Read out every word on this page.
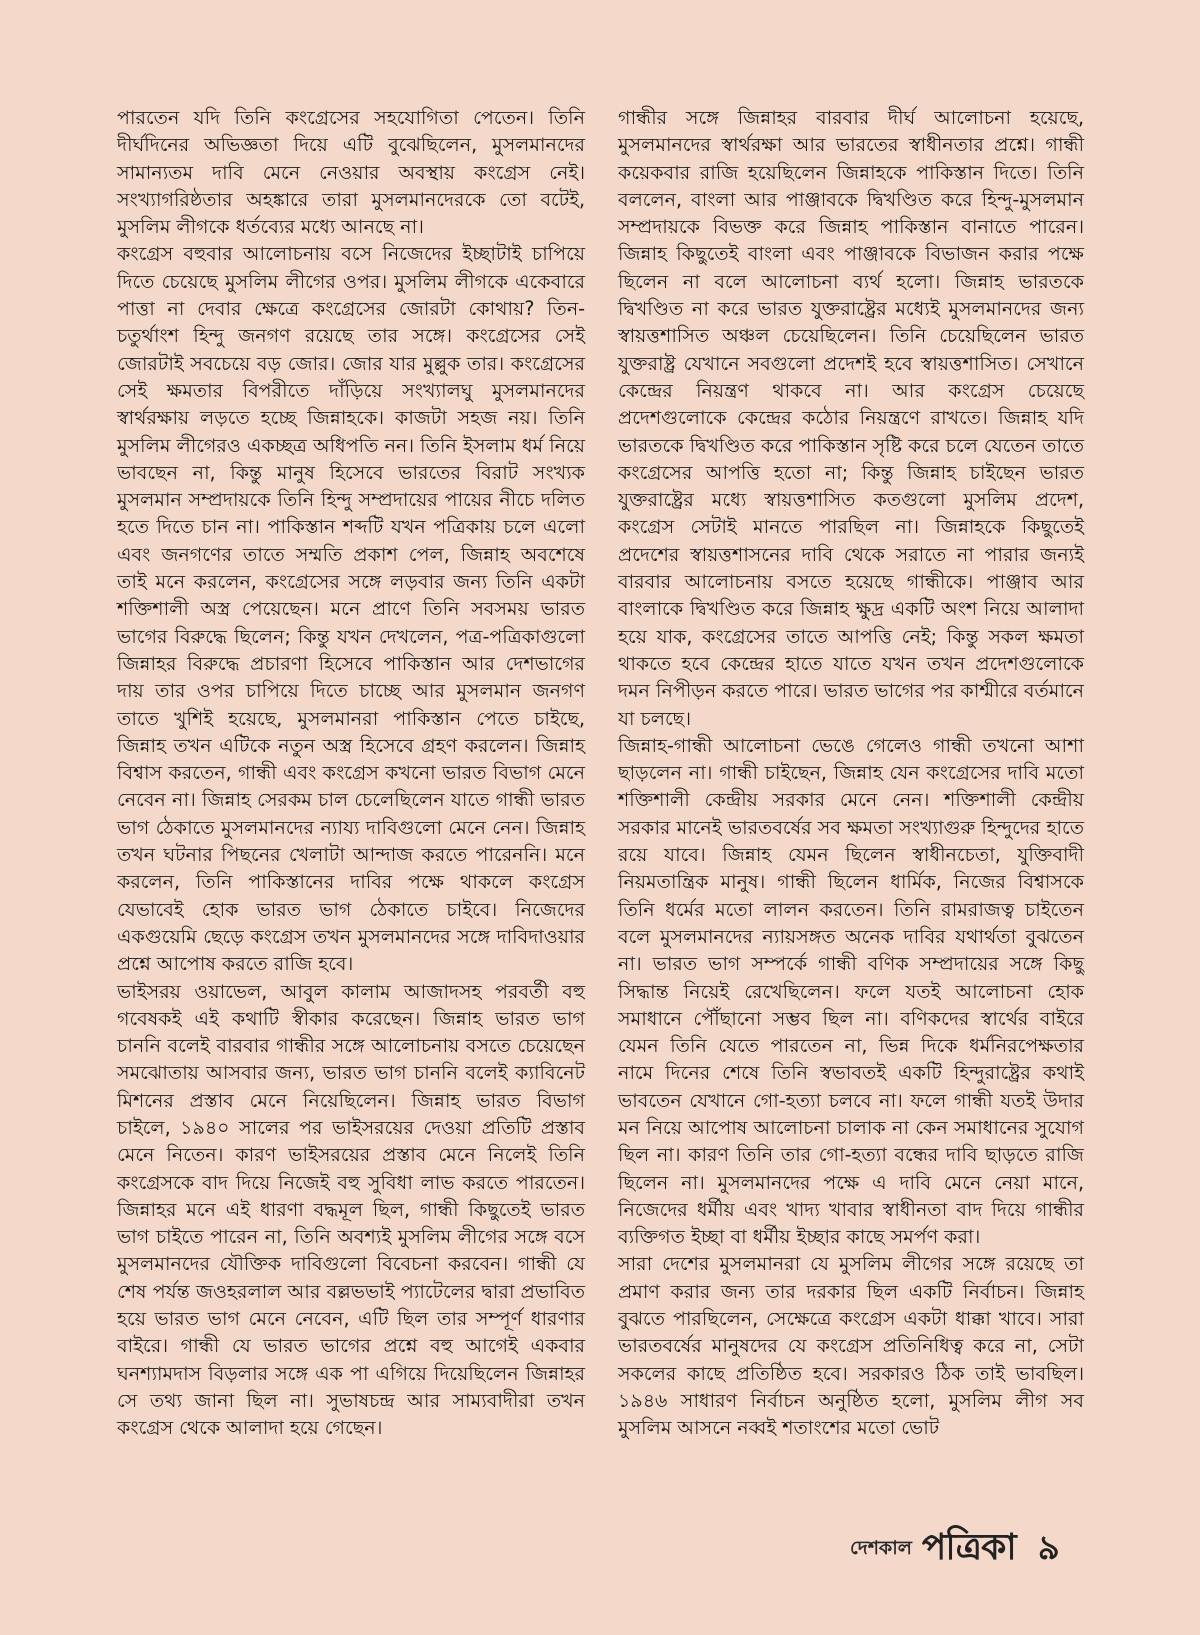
পারতেন যদি তিনি কংগ্রেসের সহযোগিতা পেতেন। তিনি দীর্ঘদিনের অভিজ্ঞতা দিয়ে এটি বুঝেছিলেন, মুসলমানদের সামান্যতম দাবি মেনে নেওয়ার অবস্থায় কংগ্রেস নেই। সংখ্যাগরিষ্ঠতার অহঙ্কারে তারা মুসলমানদেরকে তো বটেই, মুসলিম লীগকে ধর্তব্যের মধ্যে আনছে না।

কংগ্রেস বহুবার আলোচনায় বসে নিজেদের ইচ্ছাটাই চাপিয়ে দিতে চেয়েছে মুসলিম লীগের ওপর। মুসলিম লীগকে একেবারে পাত্তা না দেবার ক্ষেত্রে কংগ্রেসের জোরটা কোথায়? তিন-চতুর্থাংশ হিন্দু জনগণ রয়েছে তার সঙ্গে। কংগ্রেসের সেই জোরটাই সবচেয়ে বড় জোর। জোর যার মুল্লুক তার। কংগ্রেসের সেই ক্ষমতার বিপরীতে দাঁড়িয়ে সংখ্যালঘু মুসলমানদের স্বার্থরক্ষায় লড়তে হচ্ছে জিন্নাহকে। কাজটা সহজ নয়। তিনি মুসলিম লীগেরও একচ্ছত্র অধিপতি নন। তিনি ইসলাম ধর্ম নিয়ে ভাবছেন না, কিন্তু মানুষ হিসেবে ভারতের বিরাট সংখ্যক মুসলমান সম্প্রদায়কে তিনি হিন্দু সম্প্রদায়ের পায়ের নীচে দলিত হতে দিতে চান না। পাকিস্তান শব্দটি যখন পত্রিকায় চলে এলো এবং জনগণের তাতে সম্মতি প্রকাশ পেল, জিন্নাহ অবশেষে তাই মনে করলেন, কংগ্রেসের সঙ্গে লড়বার জন্য তিনি একটা শক্তিশালী অস্ত্র পেয়েছেন। মনে প্রাণে তিনি সবসময় ভারত ভাগের বিরুদ্ধে ছিলেন; কিন্তু যখন দেখলেন, পত্র-পত্রিকাগুলো জিন্নাহর বিরুদ্ধে প্রচারণা হিসেবে পাকিস্তান আর দেশভাগের দায় তার ওপর চাপিয়ে দিতে চাচ্ছে আর মুসলমান জনগণ তাতে খুশিই হয়েছে, মুসলমানরা পাকিস্তান পেতে চাইছে, জিন্নাহ তখন এটিকে নতুন অস্ত্র হিসেবে গ্রহণ করলেন। জিন্নাহ বিশ্বাস করতেন, গান্ধী এবং কংগ্রেস কখনো ভারত বিভাগ মেনে নেবেন না। জিন্নাহ সেরকম চাল চেলেছিলেন যাতে গান্ধী ভারত ভাগ ঠেকাতে মুসলমানদের ন্যায্য দাবিগুলো মেনে নেন। জিন্নাহ তখন ঘটনার পিছনের খেলাটা আন্দাজ করতে পারেননি। মনে করলেন, তিনি পাকিস্তানের দাবির পক্ষে থাকলে কংগ্রেস যেভাবেই হোক ভারত ভাগ ঠেকাতে চাইবে। নিজেদের একগুয়েমি ছেড়ে কংগ্রেস তখন মুসলমানদের সঙ্গে দাবিদাওয়ার প্রশ্নে আপোষ করতে রাজি হবে।

ভাইসরয় ওয়াভেল, আবুল কালাম আজাদসহ পরবর্তী বহু গবেষকই এই কথাটি স্বীকার করেছেন। জিন্নাহ ভারত ভাগ চাননি বলেই বারবার গান্ধীর সঙ্গে আলোচনায় বসতে চেয়েছেন সমঝোতায় আসবার জন্য, ভারত ভাগ চাননি বলেই ক্যাবিনেট মিশনের প্রস্তাব মেনে নিয়েছিলেন। জিন্নাহ ভারত বিভাগ চাইলে, ১৯৪০ সালের পর ভাইসরয়ের দেওয়া প্রতিটি প্রস্তাব মেনে নিতেন। কারণ ভাইসরয়ের প্রস্তাব মেনে নিলেই তিনি কংগ্রেসকে বাদ দিয়ে নিজেই বহু সুবিধা লাভ করতে পারতেন। জিন্নাহর মনে এই ধারণা বদ্ধমূল ছিল, গান্ধী কিছুতেই ভারত ভাগ চাইতে পারেন না, তিনি অবশ্যই মুসলিম লীগের সঙ্গে বসে মুসলমানদের যৌক্তিক দাবিগুলো বিবেচনা করবেন। গান্ধী যে শেষ পর্যন্ত জওহরলাল আর বল্লভভাই প্যাটেলের দ্বারা প্রভাবিত হয়ে ভারত ভাগ মেনে নেবেন, এটি ছিল তার সম্পূর্ণ ধারণার বাইরে। গান্ধী যে ভারত ভাগের প্রশ্নে বহু আগেই একবার ঘনশ্যামদাস বিড়লার সঙ্গে এক পা এগিয়ে দিয়েছিলেন জিন্নাহর সে তথ্য জানা ছিল না। সুভাষচন্দ্র আর সাম্যবাদীরা তখন কংগ্রেস থেকে আলাদা হয়ে গেছেন।

গান্ধীর সঙ্গে জিন্নাহর বারবার দীর্ঘ আলোচনা হয়েছে, মুসলমানদের স্বার্থরক্ষা আর ভারতের স্বাধীনতার প্রশ্নে। গান্ধী কয়েকবার রাজি হয়েছিলেন জিন্নাহকে পাকিস্তান দিতে। তিনি বললেন, বাংলা আর পাঞ্জাবকে দ্বিখণ্ডিত করে হিন্দু-মুসলমান সম্প্রদায়কে বিভক্ত করে জিন্নাহ পাকিস্তান বানাতে পারেন। জিন্নাহ কিছুতেই বাংলা এবং পাঞ্জাবকে বিভাজন করার পক্ষে ছিলেন না বলে আলোচনা ব্যর্থ হলো। জিন্নাহ ভারতকে দ্বিখণ্ডিত না করে ভারত যুক্তরাষ্ট্রের মধ্যেই মুসলমানদের জন্য স্বায়ত্তশাসিত অঞ্চল চেয়েছিলেন। তিনি চেয়েছিলেন ভারত যুক্তরাষ্ট্র যেখানে সবগুলো প্রদেশই হবে স্বায়ত্তশাসিত। সেখানে কেন্দ্রের নিয়ন্ত্রণ থাকবে না। আর কংগ্রেস চেয়েছে প্রদেশগুলোকে কেন্দ্রের কঠোর নিয়ন্ত্রণে রাখতে। জিন্নাহ যদি ভারতকে দ্বিখণ্ডিত করে পাকিস্তান সৃষ্টি করে চলে যেতেন তাতে কংগ্রেসের আপত্তি হতো না; কিন্তু জিন্নাহ চাইছেন ভারত যুক্তরাষ্ট্রের মধ্যে স্বায়ত্তশাসিত কতগুলো মুসলিম প্রদেশ, কংগ্রেস সেটাই মানতে পারছিল না। জিন্নাহকে কিছুতেই প্রদেশের স্বায়ত্তশাসনের দাবি থেকে সরাতে না পারার জন্যই বারবার আলোচনায় বসতে হয়েছে গান্ধীকে। পাঞ্জাব আর বাংলাকে দ্বিখণ্ডিত করে জিন্নাহ ক্ষুদ্র একটি অংশ নিয়ে আলাদা হয়ে যাক, কংগ্রেসের তাতে আপত্তি নেই; কিন্তু সকল ক্ষমতা থাকতে হবে কেন্দ্রের হাতে যাতে যখন তখন প্রদেশগুলোকে দমন নিপীড়ন করতে পারে। ভারত ভাগের পর কাশ্মীরে বর্তমানে যা চলছে।

জিন্নাহ-গান্ধী আলোচনা ভেঙে গেলেও গান্ধী তখনো আশা ছাড়লেন না। গান্ধী চাইছেন, জিন্নাহ যেন কংগ্রেসের দাবি মতো শক্তিশালী কেন্দ্রীয় সরকার মেনে নেন। শক্তিশালী কেন্দ্রীয় সরকার মানেই ভারতবর্ষের সব ক্ষমতা সংখ্যাগুরু হিন্দুদের হাতে রয়ে যাবে। জিন্নাহ যেমন ছিলেন স্বাধীনচেতা, যুক্তিবাদী নিয়মতান্ত্রিক মানুষ। গান্ধী ছিলেন ধার্মিক, নিজের বিশ্বাসকে তিনি ধর্মের মতো লালন করতেন। তিনি রামরাজত্ব চাইতেন বলে মুসলমানদের ন্যায়সঙ্গত অনেক দাবির যথার্থতা বুঝতেন না। ভারত ভাগ সম্পর্কে গান্ধী বণিক সম্প্রদায়ের সঙ্গে কিছু সিদ্ধান্ত নিয়েই রেখেছিলেন। ফলে যতই আলোচনা হোক সমাধানে পৌঁছানো সম্ভব ছিল না। বণিকদের স্বার্থের বাইরে যেমন তিনি যেতে পারতেন না, ভিন্ন দিকে ধর্মনিরপেক্ষতার নামে দিনের শেষে তিনি স্বভাবতই একটি হিন্দুরাষ্ট্রের কথাই ভাবতেন যেখানে গো-হত্যা চলবে না। ফলে গান্ধী যতই উদার মন নিয়ে আপোষ আলোচনা চালাক না কেন সমাধানের সুযোগ ছিল না। কারণ তিনি তার গো-হত্যা বন্ধের দাবি ছাড়তে রাজি ছিলেন না। মুসলমানদের পক্ষে এ দাবি মেনে নেয়া মানে, নিজেদের ধর্মীয় এবং খাদ্য খাবার স্বাধীনতা বাদ দিয়ে গান্ধীর ব্যক্তিগত ইচ্ছা বা ধর্মীয় ইচ্ছার কাছে সমর্পণ করা।

সারা দেশের মুসলমানরা যে মুসলিম লীগের সঙ্গে রয়েছে তা প্রমাণ করার জন্য তার দরকার ছিল একটি নির্বাচন। জিন্নাহ বুঝতে পারছিলেন, সেক্ষেত্রে কংগ্রেস একটা ধাক্কা খাবে। সারা ভারতবর্ষের মানুষদের যে কংগ্রেস প্রতিনিধিত্ব করে না, সেটা সকলের কাছে প্রতিষ্ঠিত হবে। সরকারও ঠিক তাই ভাবছিল। ১৯৪৬ সাধারণ নির্বাচন অনুষ্ঠিত হলো, মুসলিম লীগ সব মুসলিম আসনে নব্বই শতাংশের মতো ভোট

দেশকাল পত্রিকা ৯
